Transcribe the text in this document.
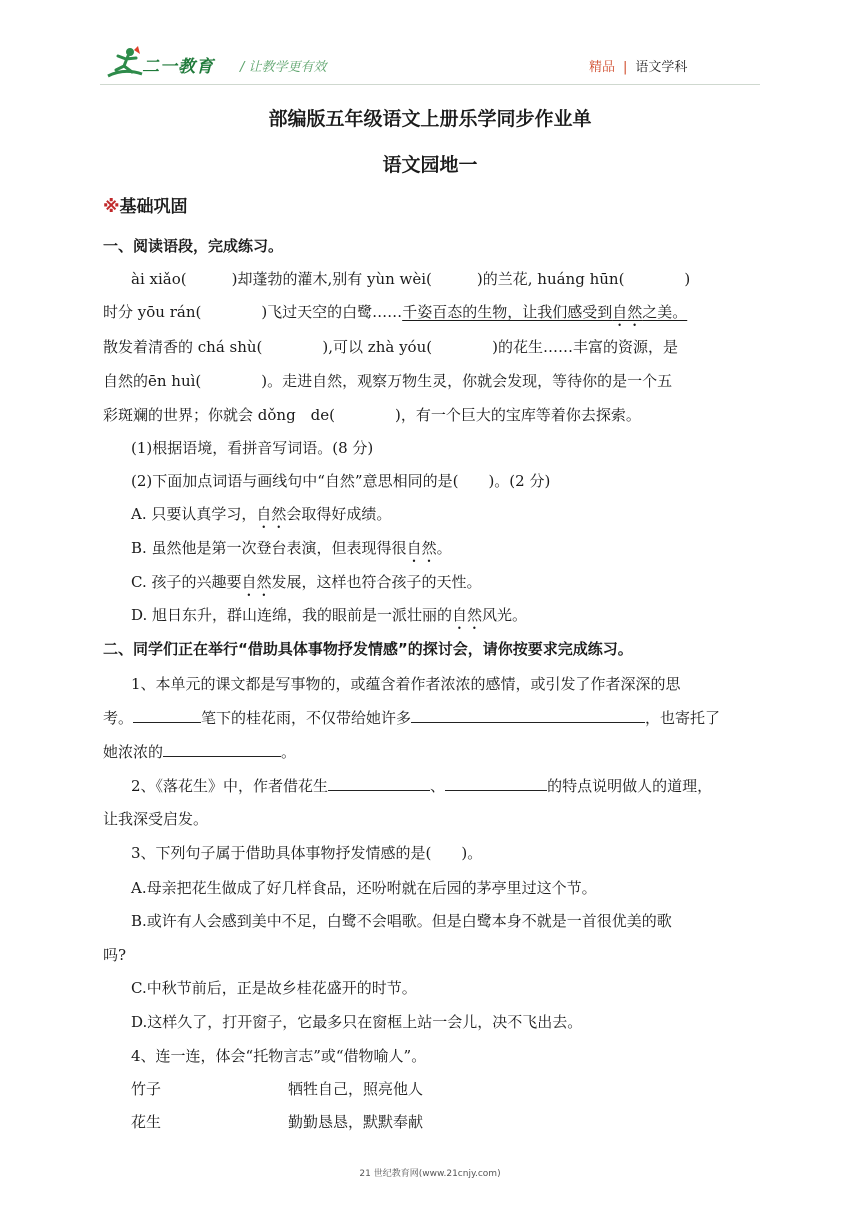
二一教育 / 让教学更有效	精品 | 语文学科
部编版五年级语文上册乐学同步作业单
语文园地一
※基础巩固
一、阅读语段，完成练习。
ài xiǎo(　　　)却蓬勃的灌木,别有 yùn wèi(　　　)的兰花, huáng hūn(　　　　)
时分 yōu rán(　　　　)飞过天空的白鹭……千姿百态的生物，让我们感受到自然之美。
散发着清香的 chá shù(　　　　),可以 zhà yóu(　　　　)的花生……丰富的资源，是
自然的ēn huì(　　　　)。走进自然，观察万物生灵，你就会发现，等待你的是一个五
彩斑斓的世界；你就会 dǒng　de(　　　　)，有一个巨大的宝库等着你去探索。
(1)根据语境，看拼音写词语。(8 分)
(2)下面加点词语与画线句中“自然”意思相同的是(　　)。(2 分)
A. 只要认真学习，自然会取得好成绩。
B. 虽然他是第一次登台表演，但表现得很自然。
C. 孩子的兴趣要自然发展，这样也符合孩子的天性。
D. 旭日东升，群山连绵，我的眼前是一派壮丽的自然风光。
二、同学们正在举行“借助具体事物抒发情感”的探讨会，请你按要求完成练习。
1、本单元的课文都是写事物的，或蕴含着作者浓浓的感情，或引发了作者深深的思
考。	笔下的桂花雨，不仅带给她许多	，也寄托了
她浓浓的	。
2、《落花生》中，作者借花生	、	的特点说明做人的道理，
让我深受启发。
3、下列句子属于借助具体事物抒发情感的是(　　)。
A.母亲把花生做成了好几样食品，还吩咐就在后园的茅亭里过这个节。
B.或许有人会感到美中不足，白鹭不会唱歌。但是白鹭本身不就是一首很优美的歌
吗?
C.中秋节前后，正是故乡桂花盛开的时节。
D.这样久了，打开窗子，它最多只在窗框上站一会儿，决不飞出去。
4、连一连，体会“托物言志”或“借物喻人”。
竹子	牺牲自己，照亮他人
花生	勤勤恳恳，默默奉献
21 世纪教育网(www.21cnjy.com)
